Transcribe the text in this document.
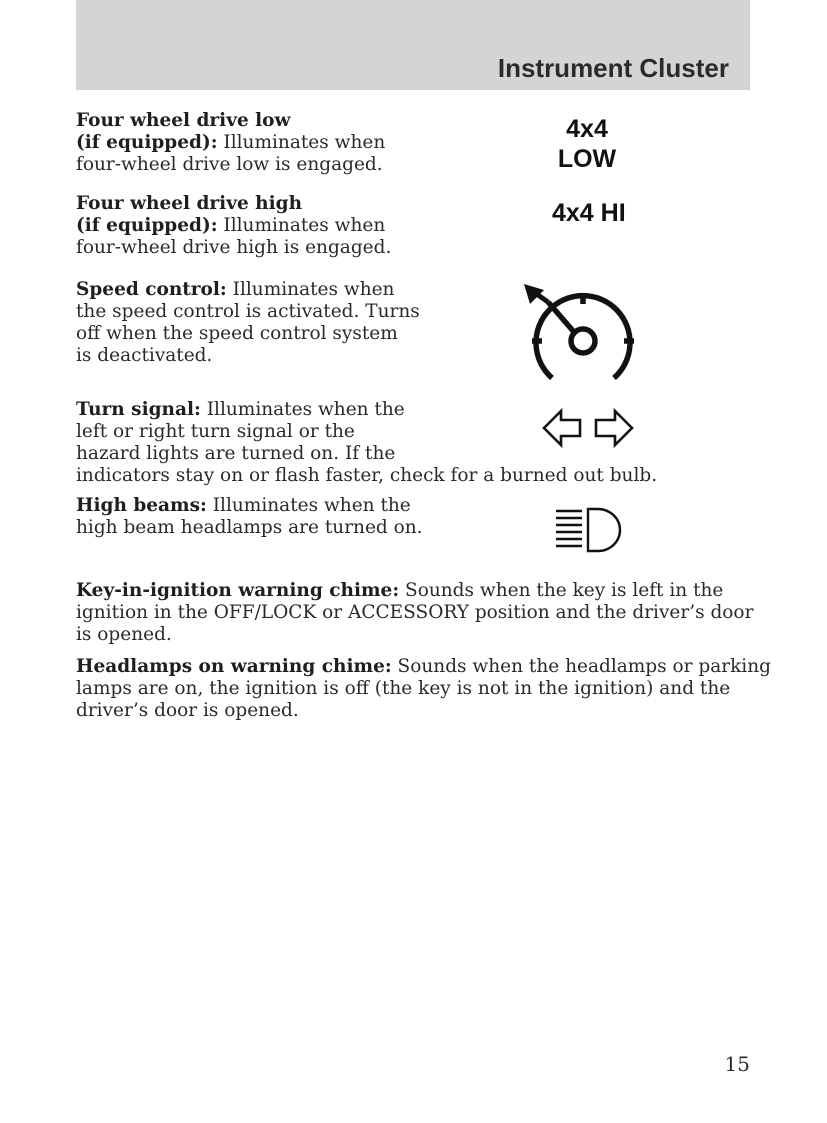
Instrument Cluster
Four wheel drive low
(if equipped): Illuminates when
four-wheel drive low is engaged.
4x4
LOW
Four wheel drive high
(if equipped): Illuminates when
four-wheel drive high is engaged.
4x4 HI
Speed control: Illuminates when
the speed control is activated. Turns
off when the speed control system
is deactivated.
Turn signal: Illuminates when the
left or right turn signal or the
hazard lights are turned on. If the
indicators stay on or flash faster, check for a burned out bulb.
High beams: Illuminates when the
high beam headlamps are turned on.
Key-in-ignition warning chime: Sounds when the key is left in the
ignition in the OFF/LOCK or ACCESSORY position and the driver’s door
is opened.
Headlamps on warning chime: Sounds when the headlamps or parking
lamps are on, the ignition is off (the key is not in the ignition) and the
driver’s door is opened.
15
